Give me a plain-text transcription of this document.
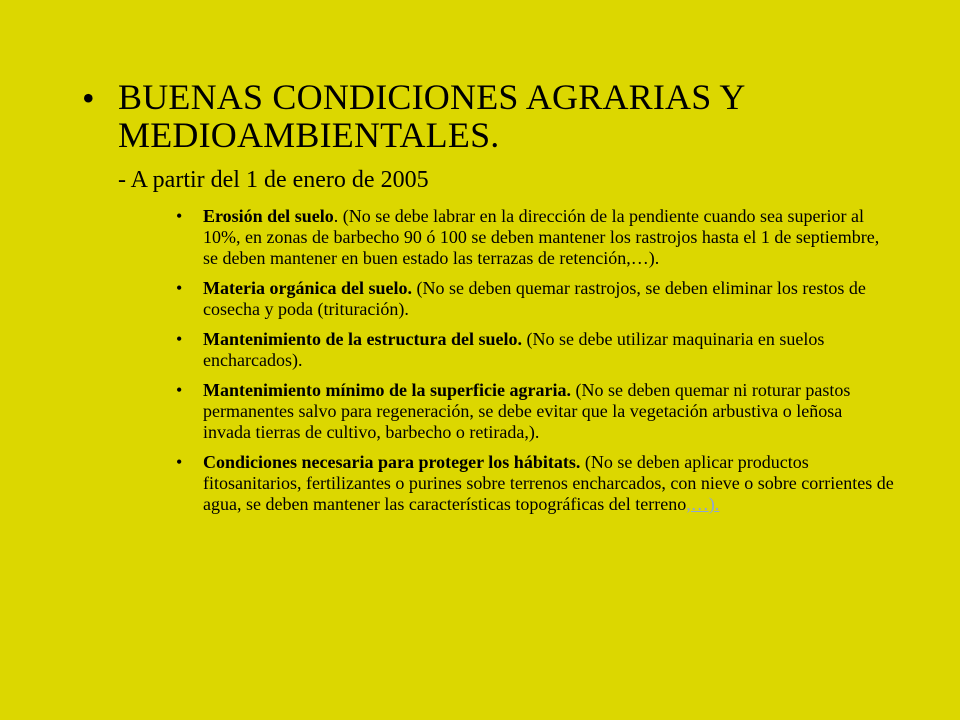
• BUENAS CONDICIONES AGRARIAS Y
MEDIOAMBIENTALES.
- A partir del 1 de enero de 2005
•	Erosión del suelo. (No se debe labrar en la dirección de la pendiente cuando sea superior al 10%, en zonas de barbecho 90 ó 100 se deben mantener los rastrojos hasta el 1 de septiembre, se deben mantener en buen estado las terrazas de retención,…).
•	Materia orgánica del suelo. (No se deben quemar rastrojos, se deben eliminar los restos de cosecha y poda (trituración).
•	Mantenimiento de la estructura del suelo. (No se debe utilizar maquinaria en suelos encharcados).
•	Mantenimiento mínimo de la superficie agraria. (No se deben quemar ni roturar pastos permanentes salvo para regeneración, se debe evitar que la vegetación arbustiva o leñosa invada tierras de cultivo, barbecho o retirada,).
•	Condiciones necesaria para proteger los hábitats. (No se deben aplicar productos fitosanitarios, fertilizantes o purines sobre terrenos encharcados, con nieve o sobre corrientes de agua, se deben mantener las características topográficas del terreno,…).
